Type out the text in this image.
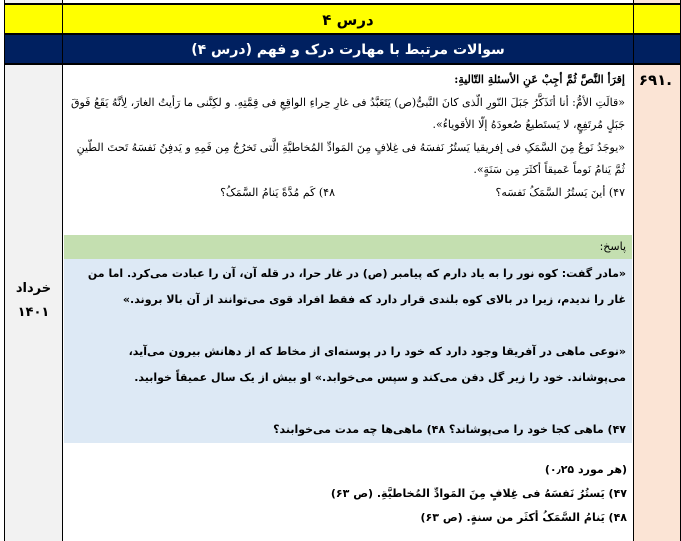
درس ۴
سوالات مرتبط با مهارت درک و فهم (درس ۴)
خرداد
۱۴۰۱
إقرَأ النَّصَّ ثُمَّ أجِبْ عَنِ الأسئلةِ التّالیةِ:
«قالَتِ الأمُّ: أنا أتَذَکَّرُ جَبَلَ النّورِ الّذی کانَ النَّبیُّ(ص) یَتَعَبَّدُ فی غارِ حِراءِ الواقِعِ فی قِمَّتِهِ. و لکِنَّنی ما رَأیتُ الغارَ، لِأنَّهُ یَقَعُ فَوقَ جَبَلٍ مُرتَفِعٍ، لا یَستَطیعُ صُعودَهُ إلّا الأقویاءُ».
«یوجَدُ نَوعٌ مِنَ السَّمَکِ فی إفریقیا یَستُرُ نَفسَهُ فی غِلافٍ مِنَ المَوادِّ المُخاطیَّةِ الَّتی تَخرُجُ مِن فَمِهِ و یَدفِنُ نَفسَهُ تَحتَ الطّینِ ثُمَّ یَنامُ نَوماً عَمیقاً أکثَرَ مِن سَنَةٍ».
۴۷) أینَ یَستُرُ السَّمَکُ نَفسَه؟
۴۸) کَم مُدَّةً یَنامُ السَّمَکُ؟
پاسخ:

«مادر گفت: کوه نور را به یاد دارم که پیامبر (ص) در غار حرا، در قله آن، آن را عبادت می‌کرد. اما من غار را ندیدم، زیرا در بالای کوه بلندی قرار دارد که فقط افراد قوی می‌توانند از آن بالا بروند.»

«نوعی ماهی در آفریقا وجود دارد که خود را در پوسته‌ای از مخاط که از دهانش بیرون می‌آید، می‌پوشاند. خود را زیر گل دفن می‌کند و سپس می‌خوابد.» او بیش از یک سال عمیقاً خوابید.

۴۷) ماهی کجا خود را می‌پوشاند؟ ۴۸) ماهی‌ها چه مدت می‌خوابند؟

(هر مورد ۰٫۲۵)
۴۷) یَستُرُ نَفسَهُ فی غِلافٍ مِنَ المَوادِّ المُخاطیَّةِ. (ص ۶۳)
۴۸) یَنامُ السَّمَکُ أکثَر من سنةٍ. (ص ۶۳)
.۶۹۱
